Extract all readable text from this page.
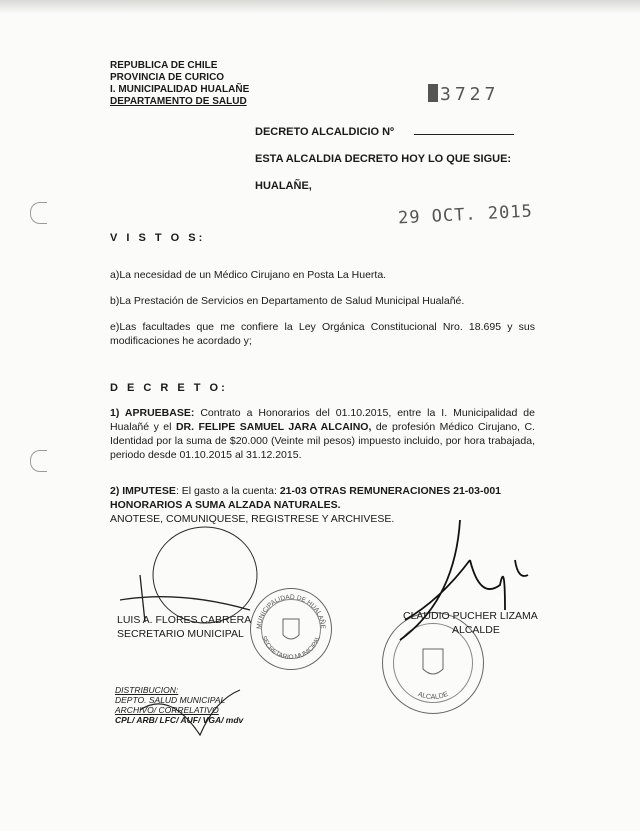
REPUBLICA DE CHILE
PROVINCIA DE CURICO
I. MUNICIPALIDAD HUALAÑE
DEPARTAMENTO DE SALUD	3727
DECRETO ALCALDICIO Nº
ESTA ALCALDIA DECRETO HOY LO QUE SIGUE:
HUALAÑE,
29 OCT. 2015
V I S T O S:
a)La necesidad de un Médico Cirujano en Posta La Huerta.
b)La Prestación de Servicios en Departamento de Salud Municipal Hualañé.
e)Las facultades que me confiere la Ley Orgánica Constitucional Nro. 18.695 y sus modificaciones he acordado y;
D E C R E T O:
1) APRUEBASE: Contrato a Honorarios del 01.10.2015, entre la I. Municipalidad de Hualañé y el DR. FELIPE SAMUEL JARA ALCAINO, de profesión Médico Cirujano, C. Identidad por la suma de $20.000 (Veinte mil pesos) impuesto incluido, por hora trabajada, periodo desde 01.10.2015 al 31.12.2015.
2) IMPUTESE: El gasto a la cuenta: 21-03 OTRAS REMUNERACIONES 21-03-001 HONORARIOS A SUMA ALZADA NATURALES.
ANOTESE, COMUNIQUESE, REGISTRESE Y ARCHIVESE.
MUNICIPALIDAD DE HUALAÑE
SECRETARIO MUNICIPAL
ALCALDE
LUIS A. FLORES CABRERA
SECRETARIO MUNICIPAL
CLAUDIO PUCHER LIZAMA
ALCALDE
DISTRIBUCION:
DEPTO. SALUD MUNICIPAL
ARCHIVO/ CORRELATIVO
CPL/ ARB/ LFC/ AUF/ VGA/ mdv
